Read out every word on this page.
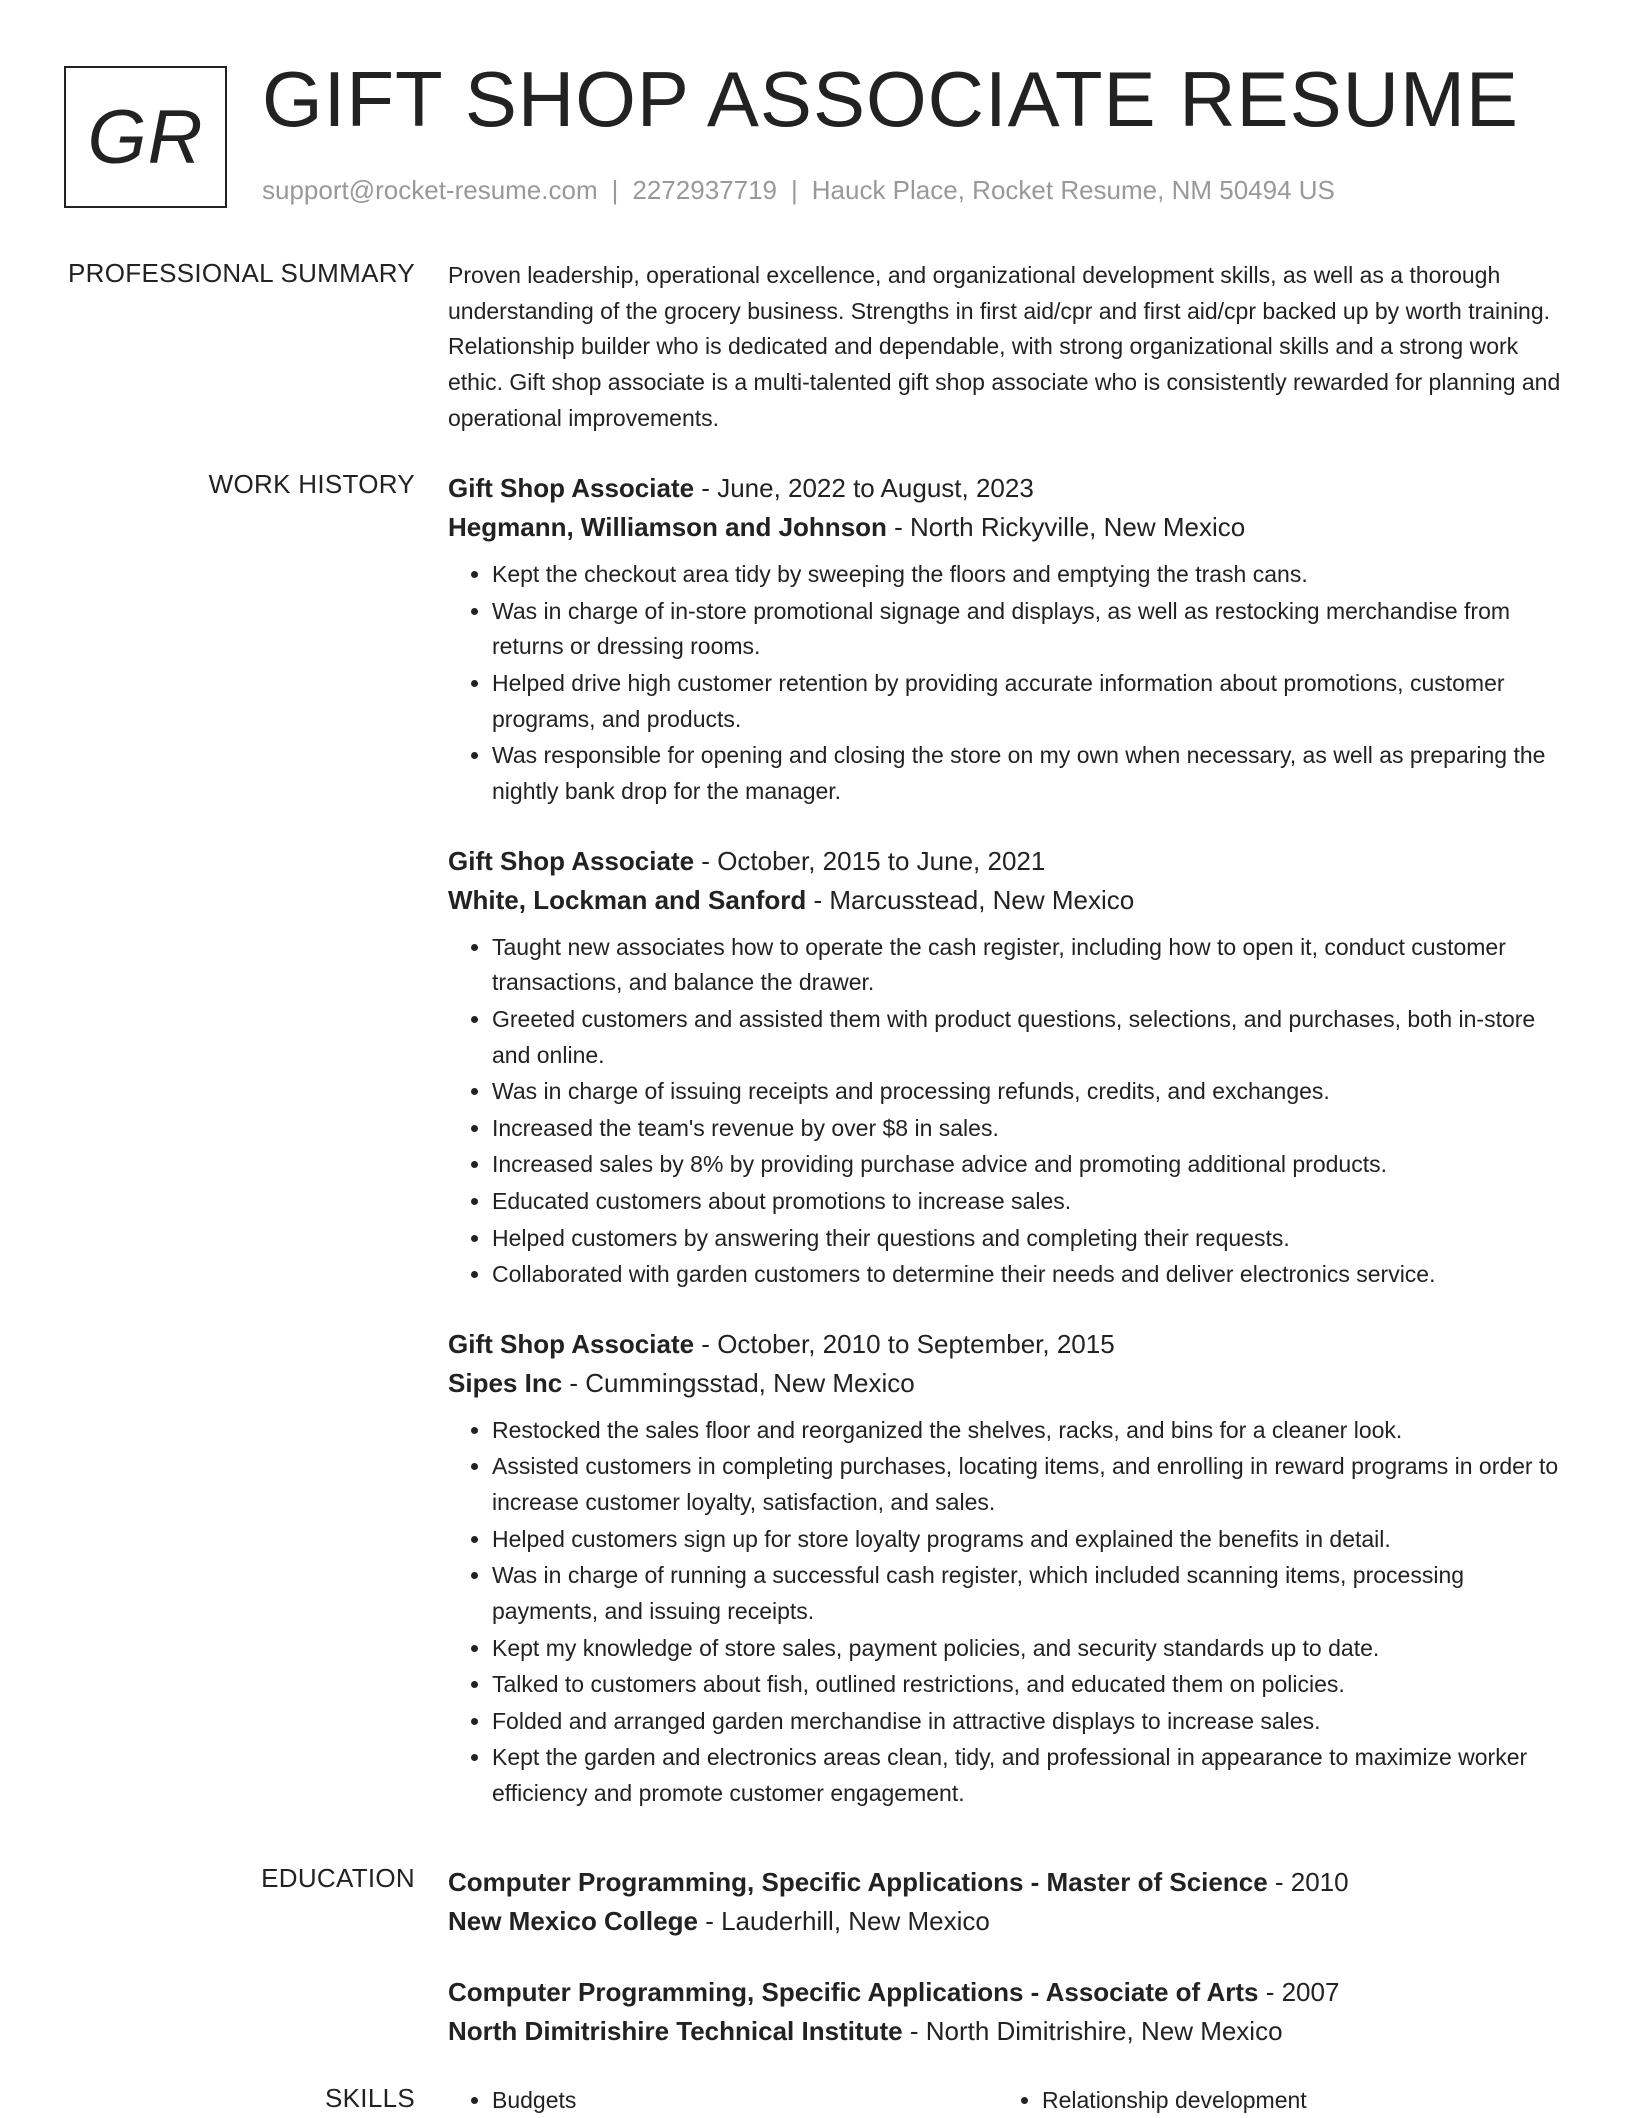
GR GIFT SHOP ASSOCIATE RESUME
support@rocket-resume.com | 2272937719 | Hauck Place, Rocket Resume, NM 50494 US
PROFESSIONAL SUMMARY Proven leadership, operational excellence, and organizational development skills, as well as a thorough understanding of the grocery business. Strengths in first aid/cpr and first aid/cpr backed up by worth training. Relationship builder who is dedicated and dependable, with strong organizational skills and a strong work ethic. Gift shop associate is a multi-talented gift shop associate who is consistently rewarded for planning and operational improvements.
WORK HISTORY Gift Shop Associate - June, 2022 to August, 2023
Hegmann, Williamson and Johnson - North Rickyville, New Mexico
• Kept the checkout area tidy by sweeping the floors and emptying the trash cans.
• Was in charge of in-store promotional signage and displays, as well as restocking merchandise from returns or dressing rooms.
• Helped drive high customer retention by providing accurate information about promotions, customer programs, and products.
• Was responsible for opening and closing the store on my own when necessary, as well as preparing the nightly bank drop for the manager.
Gift Shop Associate - October, 2015 to June, 2021
White, Lockman and Sanford - Marcusstead, New Mexico
• Taught new associates how to operate the cash register, including how to open it, conduct customer transactions, and balance the drawer.
• Greeted customers and assisted them with product questions, selections, and purchases, both in-store and online.
• Was in charge of issuing receipts and processing refunds, credits, and exchanges.
• Increased the team's revenue by over $8 in sales.
• Increased sales by 8% by providing purchase advice and promoting additional products.
• Educated customers about promotions to increase sales.
• Helped customers by answering their questions and completing their requests.
• Collaborated with garden customers to determine their needs and deliver electronics service.
Gift Shop Associate - October, 2010 to September, 2015
Sipes Inc - Cummingsstad, New Mexico
• Restocked the sales floor and reorganized the shelves, racks, and bins for a cleaner look.
• Assisted customers in completing purchases, locating items, and enrolling in reward programs in order to increase customer loyalty, satisfaction, and sales.
• Helped customers sign up for store loyalty programs and explained the benefits in detail.
• Was in charge of running a successful cash register, which included scanning items, processing payments, and issuing receipts.
• Kept my knowledge of store sales, payment policies, and security standards up to date.
• Talked to customers about fish, outlined restrictions, and educated them on policies.
• Folded and arranged garden merchandise in attractive displays to increase sales.
• Kept the garden and electronics areas clean, tidy, and professional in appearance to maximize worker efficiency and promote customer engagement.
EDUCATION Computer Programming, Specific Applications - Master of Science - 2010
New Mexico College - Lauderhill, New Mexico
Computer Programming, Specific Applications - Associate of Arts - 2007
North Dimitrishire Technical Institute - North Dimitrishire, New Mexico
SKILLS	• Budgets	• Relationship development
